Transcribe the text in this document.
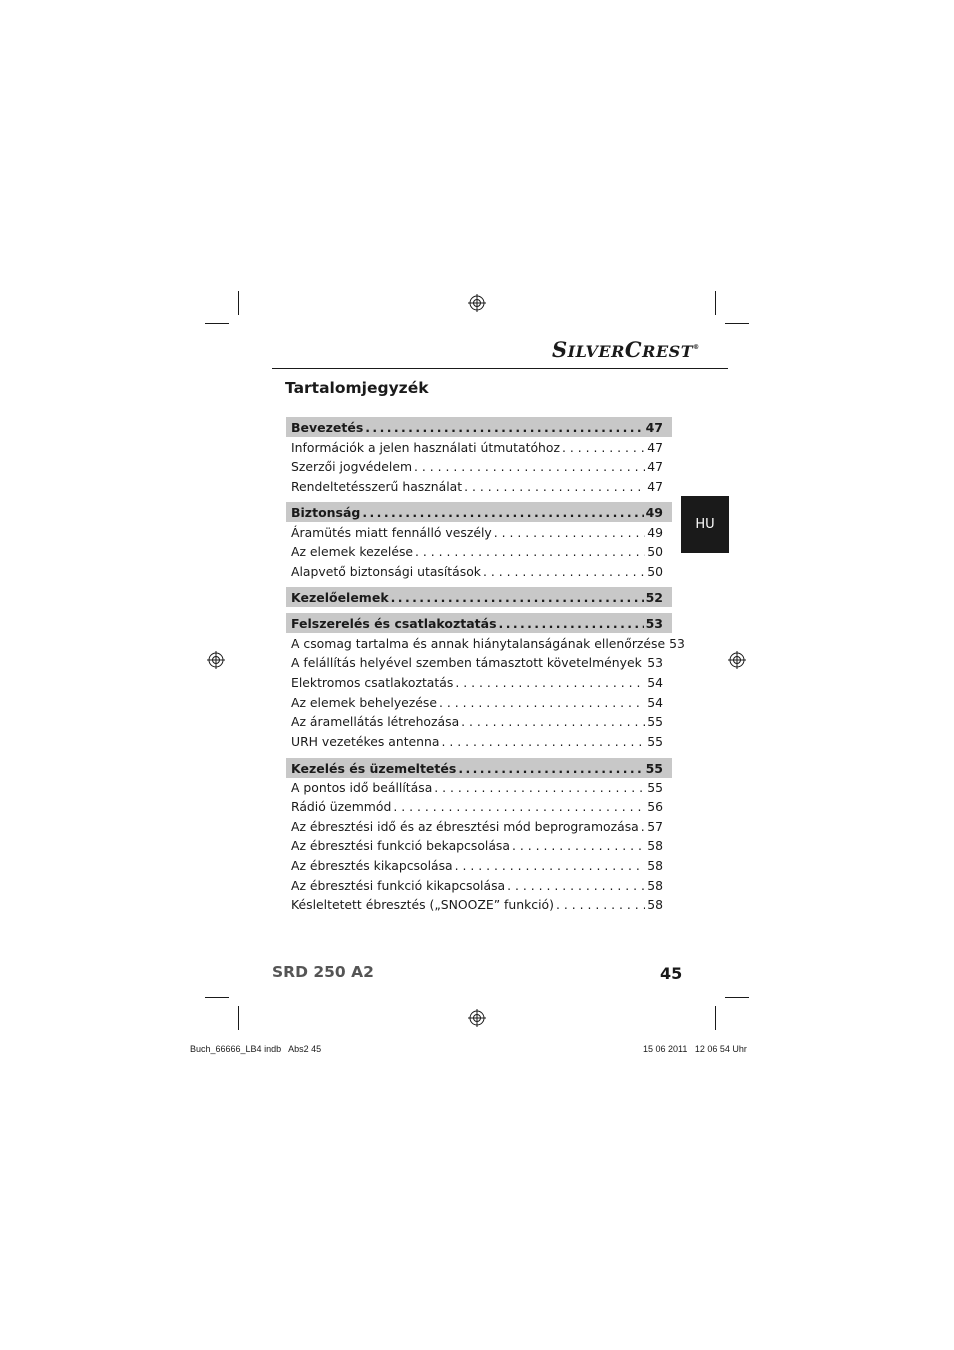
SILVERCREST®
Tartalomjegyzék
HU
Bevezetés .....	47
Információk a jelen használati útmutatóhoz . . .	47
Szerzői jogvédelem . . .	47
Rendeltetésszerű használat . . .	47
Biztonság .....	49
Áramütés miatt fennálló veszély . . .	49
Az elemek kezelése . . .	50
Alapvető biztonsági utasítások . . .	50
Kezelőelemek .....	52
Felszerelés és csatlakoztatás .....	53
A csomag tartalma és annak hiánytalanságának ellenőrzése 53
A felállítás helyével szemben támasztott követelmények . . . 53
Elektromos csatlakoztatás . . .	54
Az elemek behelyezése . . .	54
Az áramellátás létrehozása . . .	55
URH vezetékes antenna . . .	55
Kezelés és üzemeltetés .....	55
A pontos idő beállítása . . .	55
Rádió üzemmód . . .	56
Az ébresztési idő és az ébresztési mód beprogramozása . . . 57
Az ébresztési funkció bekapcsolása . . .	58
Az ébresztés kikapcsolása . . .	58
Az ébresztési funkció kikapcsolása . . .	58
Késleltetett ébresztés („SNOOZE” funkció) . . .	58
SRD 250 A2	45
Buch_66666_LB4 indb   Abs2 45	15 06 2011   12 06 54 Uhr
